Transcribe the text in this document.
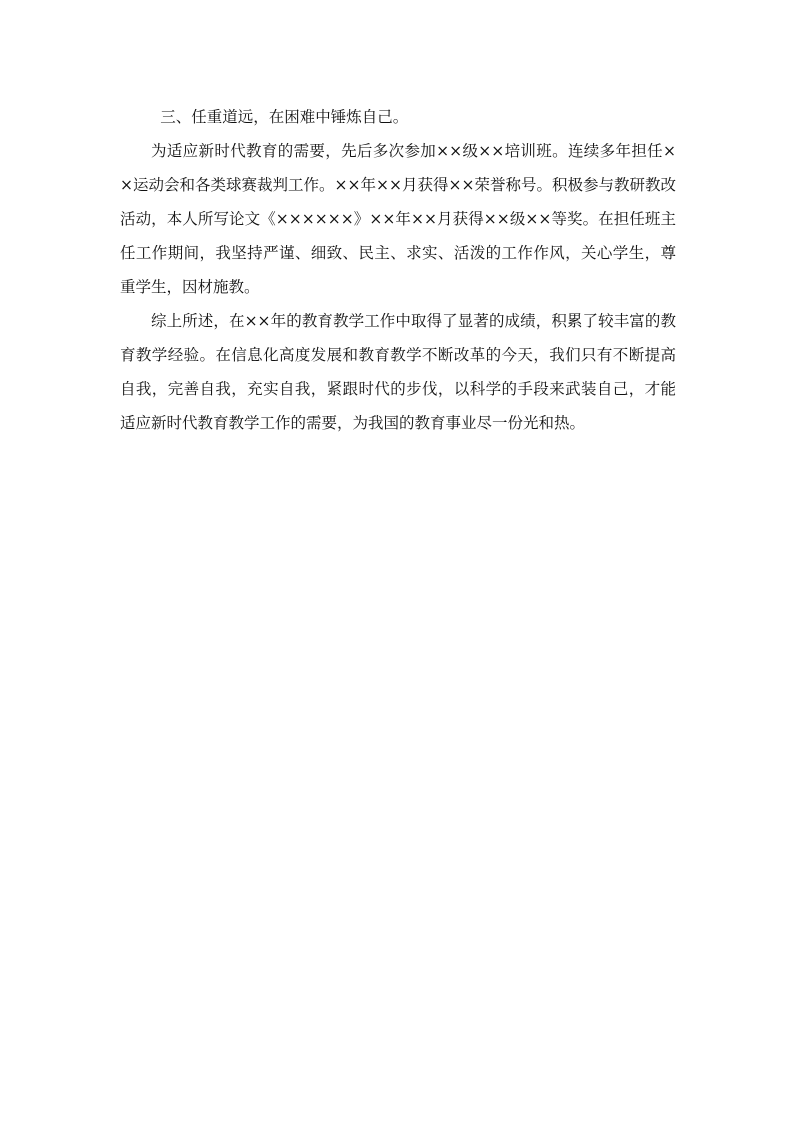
三、任重道远，在困难中锤炼自己。

为适应新时代教育的需要，先后多次参加××级××培训班。连续多年担任××运动会和各类球赛裁判工作。××年××月获得××荣誉称号。积极参与教研教改活动，本人所写论文《××××××》××年××月获得××级××等奖。在担任班主任工作期间，我坚持严谨、细致、民主、求实、活泼的工作作风，关心学生，尊重学生，因材施教。

综上所述，在××年的教育教学工作中取得了显著的成绩，积累了较丰富的教育教学经验。在信息化高度发展和教育教学不断改革的今天，我们只有不断提高自我，完善自我，充实自我，紧跟时代的步伐，以科学的手段来武装自己，才能适应新时代教育教学工作的需要，为我国的教育事业尽一份光和热。
